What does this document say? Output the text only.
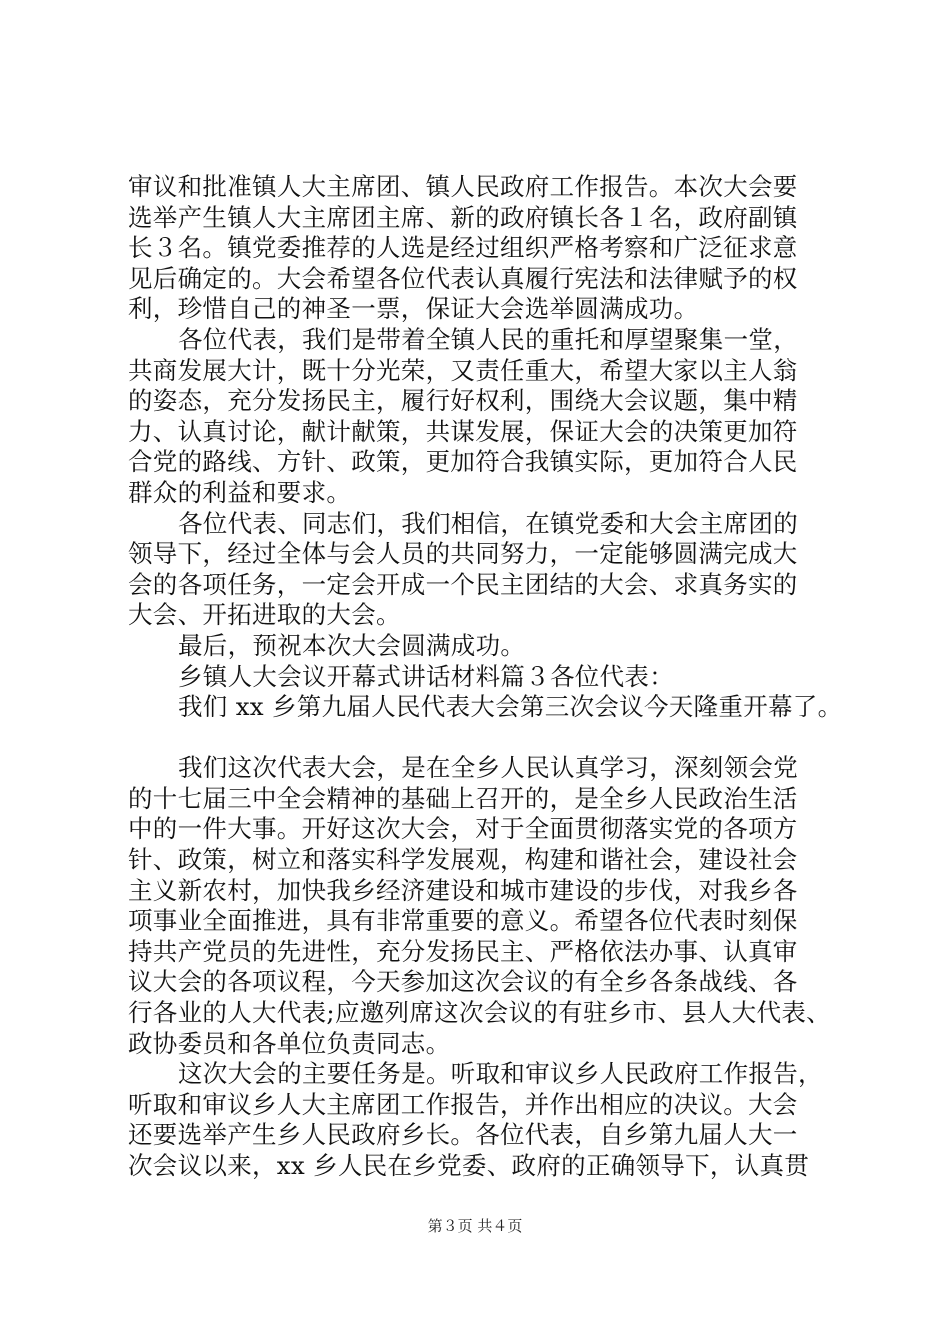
审议和批准镇人大主席团、镇人民政府工作报告。本次大会要
选举产生镇人大主席团主席、新的政府镇长各１名，政府副镇
长３名。镇党委推荐的人选是经过组织严格考察和广泛征求意
见后确定的。大会希望各位代表认真履行宪法和法律赋予的权
利，珍惜自己的神圣一票，保证大会选举圆满成功。
各位代表，我们是带着全镇人民的重托和厚望聚集一堂，
共商发展大计，既十分光荣，又责任重大，希望大家以主人翁
的姿态，充分发扬民主，履行好权利，围绕大会议题，集中精
力、认真讨论，献计献策，共谋发展，保证大会的决策更加符
合党的路线、方针、政策，更加符合我镇实际，更加符合人民
群众的利益和要求。
各位代表、同志们，我们相信，在镇党委和大会主席团的
领导下，经过全体与会人员的共同努力，一定能够圆满完成大
会的各项任务，一定会开成一个民主团结的大会、求真务实的
大会、开拓进取的大会。
最后，预祝本次大会圆满成功。
乡镇人大会议开幕式讲话材料篇３各位代表：
我们 xx 乡第九届人民代表大会第三次会议今天隆重开幕了。
我们这次代表大会，是在全乡人民认真学习，深刻领会党
的十七届三中全会精神的基础上召开的，是全乡人民政治生活
中的一件大事。开好这次大会，对于全面贯彻落实党的各项方
针、政策，树立和落实科学发展观，构建和谐社会，建设社会
主义新农村，加快我乡经济建设和城市建设的步伐，对我乡各
项事业全面推进，具有非常重要的意义。希望各位代表时刻保
持共产党员的先进性，充分发扬民主、严格依法办事、认真审
议大会的各项议程，今天参加这次会议的有全乡各条战线、各
行各业的人大代表;应邀列席这次会议的有驻乡市、县人大代表、
政协委员和各单位负责同志。
这次大会的主要任务是。听取和审议乡人民政府工作报告，
听取和审议乡人大主席团工作报告，并作出相应的决议。大会
还要选举产生乡人民政府乡长。各位代表，自乡第九届人大一
次会议以来，xx 乡人民在乡党委、政府的正确领导下，认真贯
第３页 共４页
